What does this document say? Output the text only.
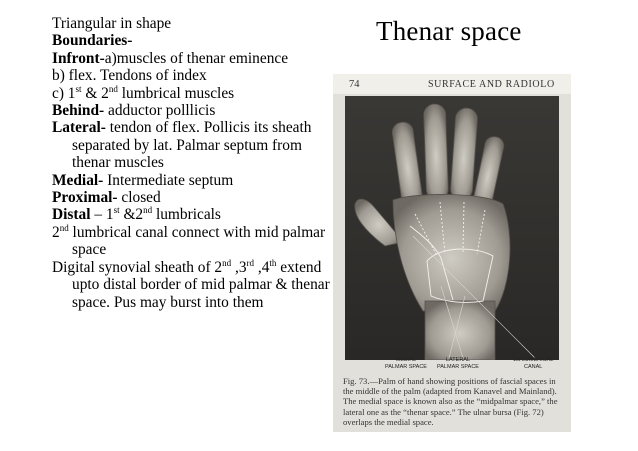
Thenar space

Triangular in shape

Boundaries-

Infront-a)muscles of thenar eminence

b) flex. Tendons of index

c) 1st & 2nd lumbrical muscles

Behind- adductor polllicis

Lateral- tendon of flex. Pollicis its sheath separated by lat. Palmar septum from thenar muscles

Medial- Intermediate septum

Proximal- closed

Distal – 1st &2nd lumbricals

2nd lumbrical canal connect with mid palmar space

Digital synovial sheath of 2nd ,3rd ,4th extend upto distal border of mid palmar & thenar space. Pus may burst into them

74	SURFACE AND RADIOLO
MEDIAL
PALMAR SPACE
LATERAL
PALMAR SPACE
1st LUMBRICAL
CANAL
Fig. 73.—Palm of hand showing positions of fascial spaces in the middle of the palm (adapted from Kanavel and Mainland). The medial space is known also as the “midpalmar space,” the lateral one as the “thenar space.” The ulnar bursa (Fig. 72) overlaps the medial space.
